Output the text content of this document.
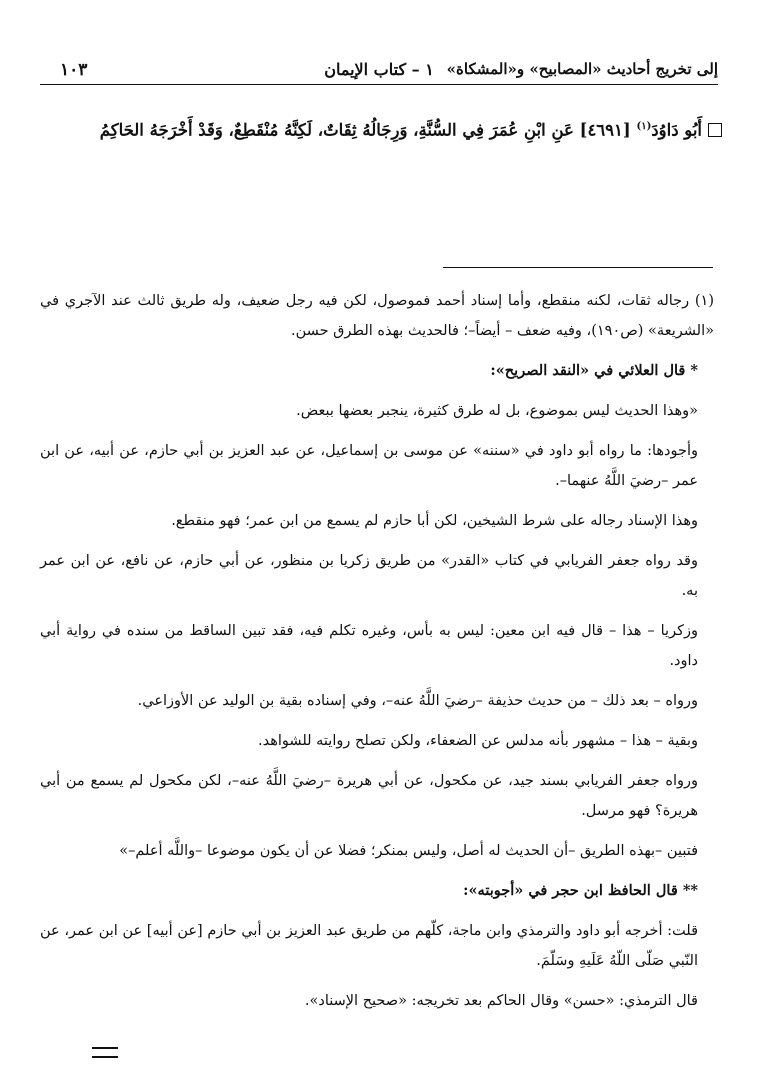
إلى تخريج أحاديث «المصابيح» و«المشكاة»
١ – كتاب الإيمان
١٠٣
أَبُو دَاوُدَ$^{(١)}$ [٤٦٩١] عَنِ ابْنِ عُمَرَ فِي السُّنَّةِ، وَرِجَالُهُ ثِقَاتٌ، لَكِنَّهُ مُنْقَطِعٌ، وَقَدْ أَخْرَجَهُ الحَاكِمُ

(١) رجاله ثقات، لكنه منقطع، وأما إسناد أحمد فموصول، لكن فيه رجل ضعيف، وله طريق ثالث عند الآجري في «الشريعة» (ص١٩٠)، وفيه ضعف – أيضاً–؛ فالحديث بهذه الطرق حسن.

* قال العلائي في «النقد الصريح»:

«وهذا الحديث ليس بموضوع، بل له طرق كثيرة، ينجبر بعضها ببعض.

وأجودها: ما رواه أبو داود في «سننه» عن موسى بن إسماعيل، عن عبد العزيز بن أبي حازم، عن أبيه، عن ابن عمر –رضيَ اللَّهُ عنهما–.

وهذا الإسناد رجاله على شرط الشيخين، لكن أبا حازم لم يسمع من ابن عمر؛ فهو منقطع.

وقد رواه جعفر الفريابي في كتاب «القدر» من طريق زكريا بن منظور، عن أبي حازم، عن نافع، عن ابن عمر به.

وزكريا – هذا – قال فيه ابن معين: ليس به بأس، وغيره تكلم فيه، فقد تبين الساقط من سنده في رواية أبي داود.

ورواه – بعد ذلك – من حديث حذيفة –رضيَ اللَّهُ عنه–، وفي إسناده بقية بن الوليد عن الأوزاعي.

وبقية – هذا – مشهور بأنه مدلس عن الضعفاء، ولكن تصلح روايته للشواهد.

ورواه جعفر الفريابي بسند جيد، عن مكحول، عن أبي هريرة –رضيَ اللَّهُ عنه–، لكن مكحول لم يسمع من أبي هريرة؟ فهو مرسل.

فتبين –بهذه الطريق –أن الحديث له أصل، وليس بمنكر؛ فضلا عن أن يكون موضوعا –واللَّه أعلم–»

** قال الحافظ ابن حجر في «أجوبته»:

قلت: أخرجه أبو داود والترمذي وابن ماجة، كلّهم من طريق عبد العزيز بن أبي حازم [عن أبيه] عن ابن عمر، عن النّبي صَلّى اللّهُ عَلَيهِ وسَلّمَ.

قال الترمذي: «حسن» وقال الحاكم بعد تخريجه: «صحيح الإسناد».
